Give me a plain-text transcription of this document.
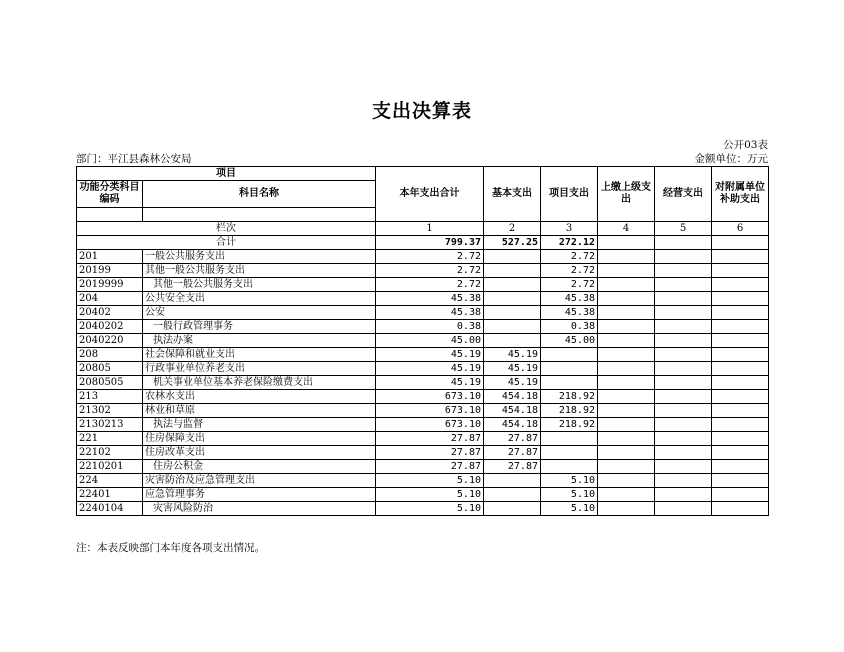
支出决算表
公开03表
部门：平江县森林公安局	金额单位：万元
项目		本年支出合计	基本支出	项目支出	上缴上级支出	经营支出	对附属单位补助支出
功能分类科目编码	科目名称						

栏次		1	2	3	4	5	6
合计		799.37	527.25	272.12			
201	一般公共服务支出	2.72		2.72			
20199	其他一般公共服务支出	2.72		2.72			
2019999	其他一般公共服务支出	2.72		2.72			
204	公共安全支出	45.38		45.38			
20402	公安	45.38		45.38			
2040202	一般行政管理事务	0.38		0.38			
2040220	执法办案	45.00		45.00			
208	社会保障和就业支出	45.19	45.19				
20805	行政事业单位养老支出	45.19	45.19				
2080505	机关事业单位基本养老保险缴费支出	45.19	45.19				
213	农林水支出	673.10	454.18	218.92			
21302	林业和草原	673.10	454.18	218.92			
2130213	执法与监督	673.10	454.18	218.92			
221	住房保障支出	27.87	27.87				
22102	住房改革支出	27.87	27.87				
2210201	住房公积金	27.87	27.87				
224	灾害防治及应急管理支出	5.10		5.10			
22401	应急管理事务	5.10		5.10			
2240104	灾害风险防治	5.10		5.10			
注：本表反映部门本年度各项支出情况。
